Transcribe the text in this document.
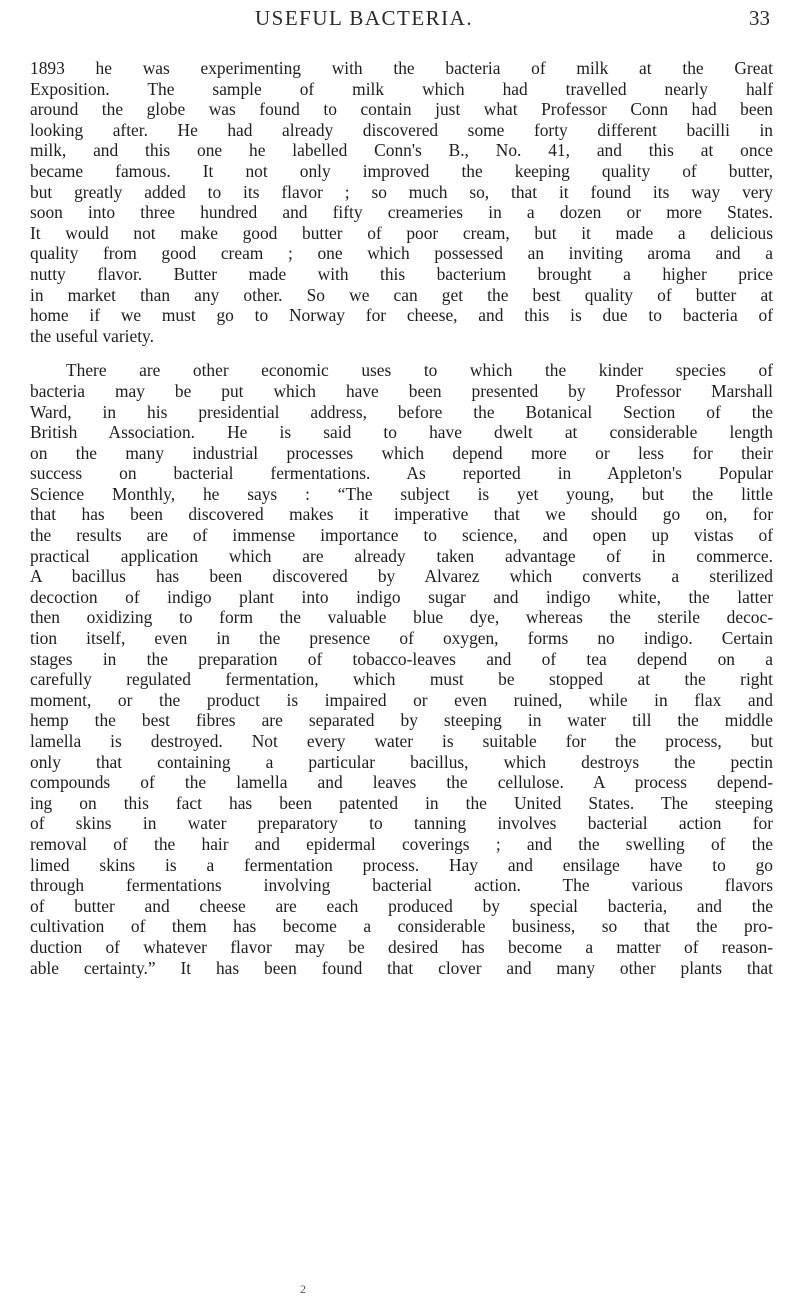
USEFUL BACTERIA.	33
1893 he was experimenting with the bacteria of milk at the Great
Exposition. The sample of milk which had travelled nearly half
around the globe was found to contain just what Professor Conn had been
looking after. He had already discovered some forty different bacilli in
milk, and this one he labelled Conn's B., No. 41, and this at once
became famous. It not only improved the keeping quality of butter,
but greatly added to its flavor ; so much so, that it found its way very
soon into three hundred and fifty creameries in a dozen or more States.
It would not make good butter of poor cream, but it made a delicious
quality from good cream ; one which possessed an inviting aroma and a
nutty flavor. Butter made with this bacterium brought a higher price
in market than any other. So we can get the best quality of butter at
home if we must go to Norway for cheese, and this is due to bacteria of
the useful variety.
There are other economic uses to which the kinder species of
bacteria may be put which have been presented by Professor Marshall
Ward, in his presidential address, before the Botanical Section of the
British Association. He is said to have dwelt at considerable length
on the many industrial processes which depend more or less for their
success on bacterial fermentations. As reported in Appleton's Popular
Science Monthly, he says : “The subject is yet young, but the little
that has been discovered makes it imperative that we should go on, for
the results are of immense importance to science, and open up vistas of
practical application which are already taken advantage of in commerce.
A bacillus has been discovered by Alvarez which converts a sterilized
decoction of indigo plant into indigo sugar and indigo white, the latter
then oxidizing to form the valuable blue dye, whereas the sterile decoc-
tion itself, even in the presence of oxygen, forms no indigo. Certain
stages in the preparation of tobacco-leaves and of tea depend on a
carefully regulated fermentation, which must be stopped at the right
moment, or the product is impaired or even ruined, while in flax and
hemp the best fibres are separated by steeping in water till the middle
lamella is destroyed. Not every water is suitable for the process, but
only that containing a particular bacillus, which destroys the pectin
compounds of the lamella and leaves the cellulose. A process depend-
ing on this fact has been patented in the United States. The steeping
of skins in water preparatory to tanning involves bacterial action for
removal of the hair and epidermal coverings ; and the swelling of the
limed skins is a fermentation process. Hay and ensilage have to go
through fermentations involving bacterial action. The various flavors
of butter and cheese are each produced by special bacteria, and the
cultivation of them has become a considerable business, so that the pro-
duction of whatever flavor may be desired has become a matter of reason-
able certainty.” It has been found that clover and many other plants that
2
